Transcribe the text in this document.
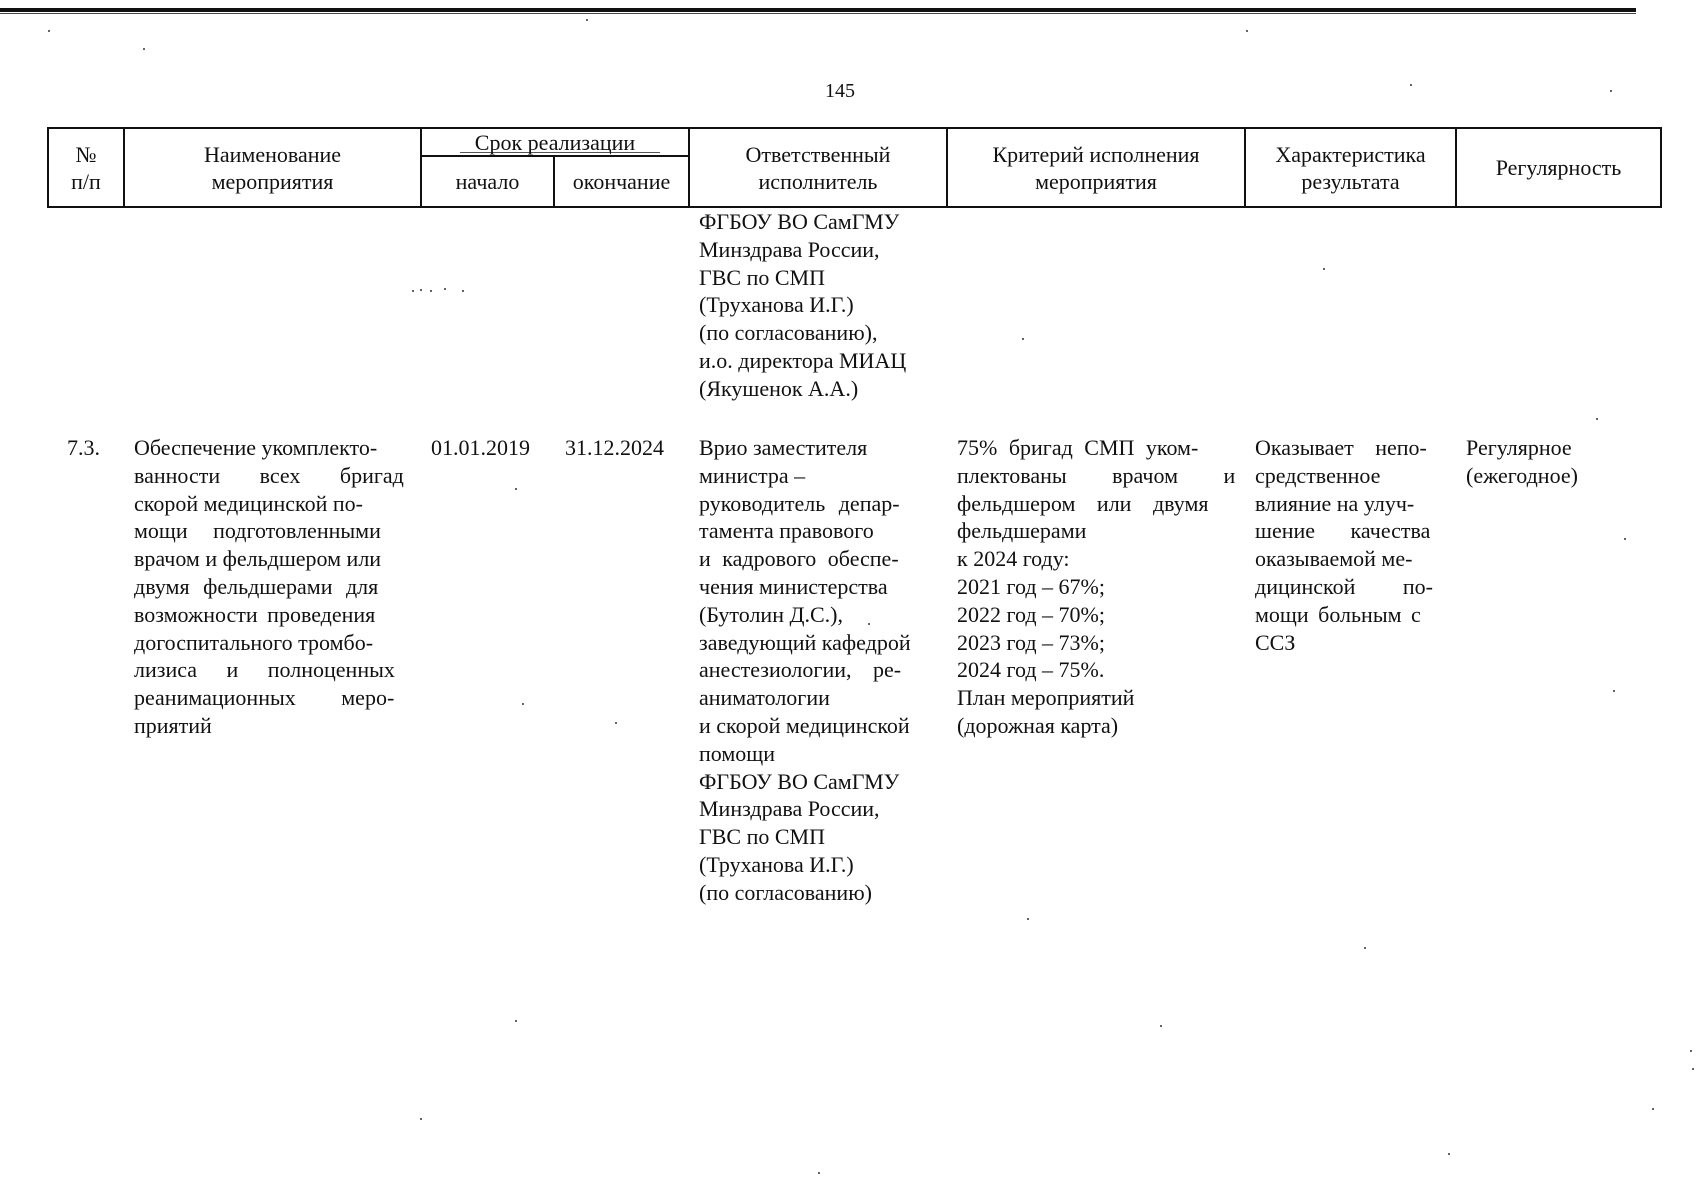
145
№
п/п
Наименование
мероприятия
Срок реализации
начало окончание
Ответственный
исполнитель
Критерий исполнения
мероприятия
Характеристика
результата
Регулярность
ФГБОУ ВО СамГМУ
Минздрава России,
ГВС по СМП
(Труханова И.Г.)
(по согласованию),
и.о. директора МИАЦ
(Якушенок А.А.)
7.3. Обеспечение укомплекто-
ванности всех бригад
скорой медицинской по-
мощи подготовленными
врачом и фельдшером или
двумя фельдшерами для
возможности проведения
догоспитального тромбо-
лизиса и полноценных
реанимационных меро-
приятий
01.01.2019 31.12.2024 Врио заместителя
министра –
руководитель депар-
тамента правового
и кадрового обеспе-
чения министерства
(Бутолин Д.С.),
заведующий кафедрой
анестезиологии, ре-
аниматологии
и скорой медицинской
помощи
ФГБОУ ВО СамГМУ
Минздрава России,
ГВС по СМП
(Труханова И.Г.)
(по согласованию)
75% бригад СМП уком-
плектованы врачом и
фельдшером или двумя
фельдшерами
к 2024 году:
2021 год – 67%;
2022 год – 70%;
2023 год – 73%;
2024 год – 75%.
План мероприятий
(дорожная карта)
Оказывает непо-
средственное
влияние на улуч-
шение качества
оказываемой ме-
дицинской по-
мощи больным с
ССЗ
Регулярное
(ежегодное)
